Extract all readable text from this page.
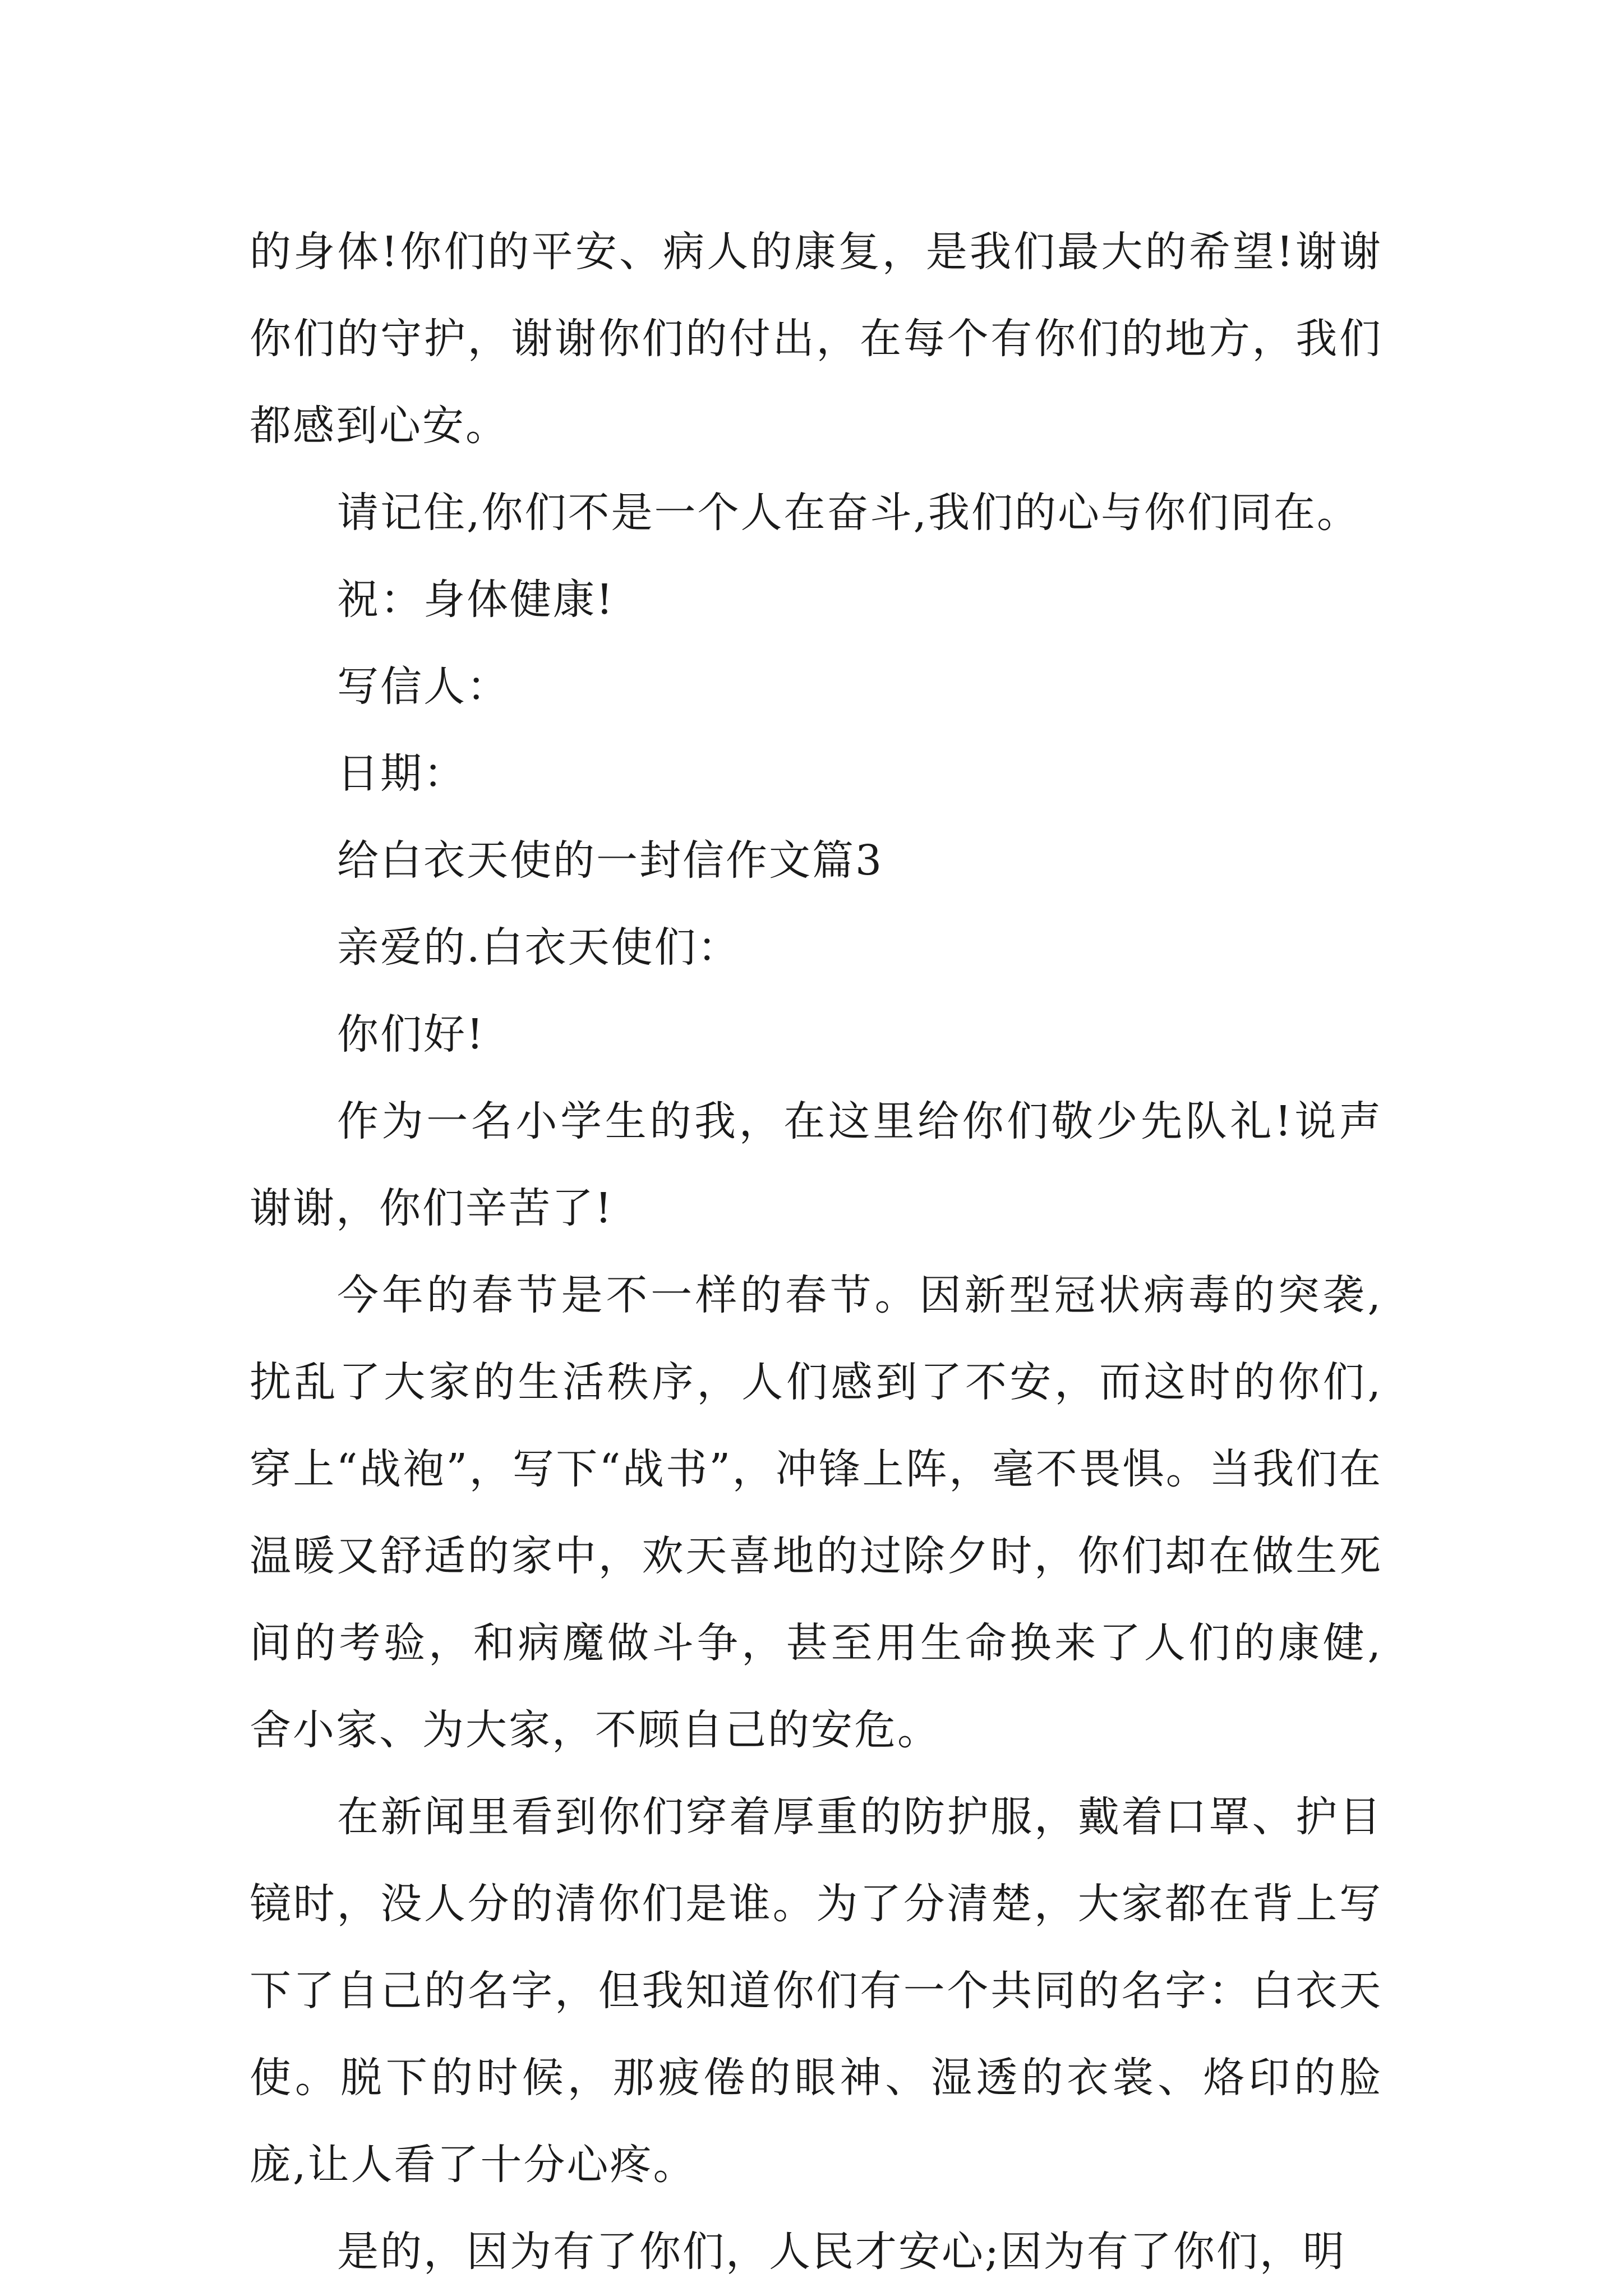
的身体!你们的平安、病人的康复，是我们最大的希望!谢谢你们的守护，谢谢你们的付出，在每个有你们的地方，我们都感到心安。

请记住,你们不是一个人在奋斗,我们的心与你们同在。

祝：身体健康!

写信人：

日期：

给白衣天使的一封信作文篇3

亲爱的.白衣天使们：

你们好!

作为一名小学生的我，在这里给你们敬少先队礼!说声谢谢，你们辛苦了!

今年的春节是不一样的春节。因新型冠状病毒的突袭,扰乱了大家的生活秩序，人们感到了不安，而这时的你们,穿上“战袍”，写下“战书”，冲锋上阵，毫不畏惧。当我们在温暖又舒适的家中，欢天喜地的过除夕时，你们却在做生死间的考验，和病魔做斗争，甚至用生命换来了人们的康健,舍小家、为大家，不顾自己的安危。

在新闻里看到你们穿着厚重的防护服，戴着口罩、护目镜时，没人分的清你们是谁。为了分清楚，大家都在背上写下了自己的名字，但我知道你们有一个共同的名字：白衣天使。脱下的时候，那疲倦的眼神、湿透的衣裳、烙印的脸庞,让人看了十分心疼。

是的，因为有了你们，人民才安心;因为有了你们，明
